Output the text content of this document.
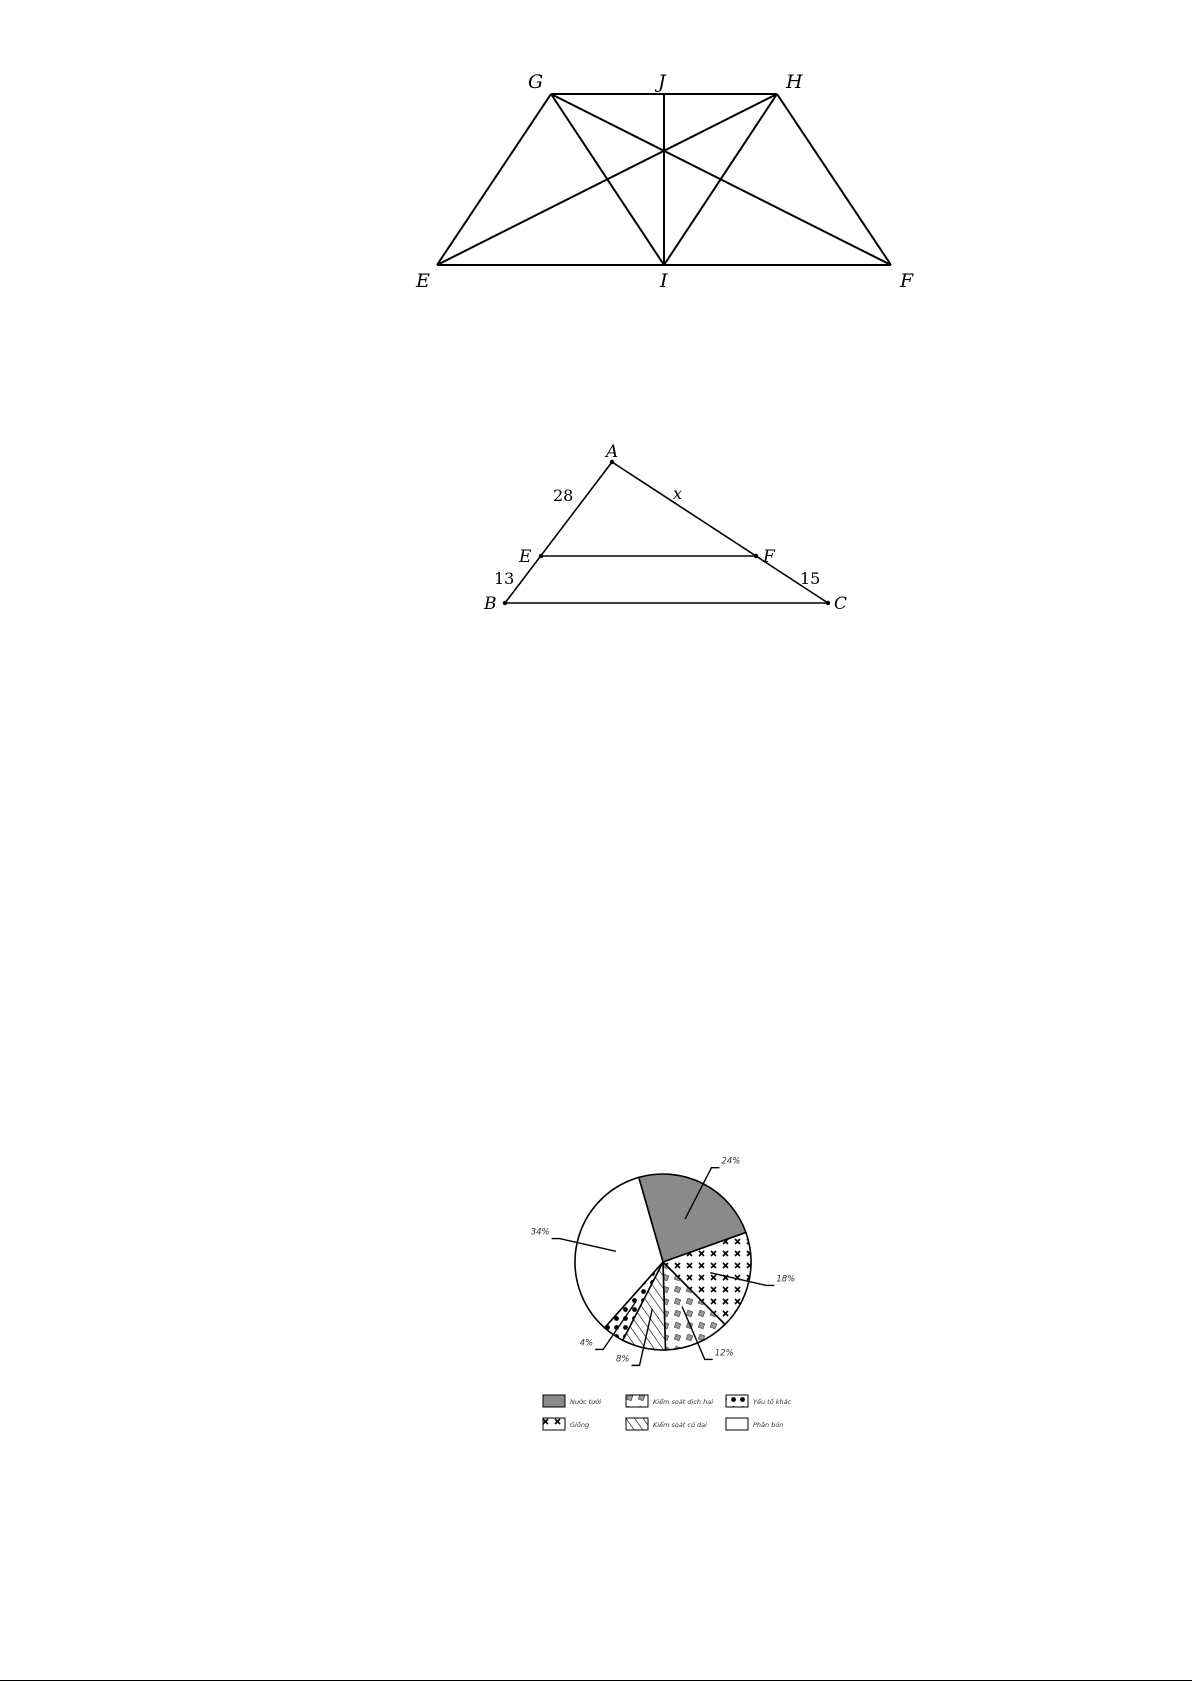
G	J	H
E	I	F
A
E	F
B	C
28
13
x
15
24%
18%
12%
8%
4%
34%
Nước tưới	Kiểm soát dịch hại	Yếu tố khác
Giống	Kiểm soát cỏ dại	Phân bón
